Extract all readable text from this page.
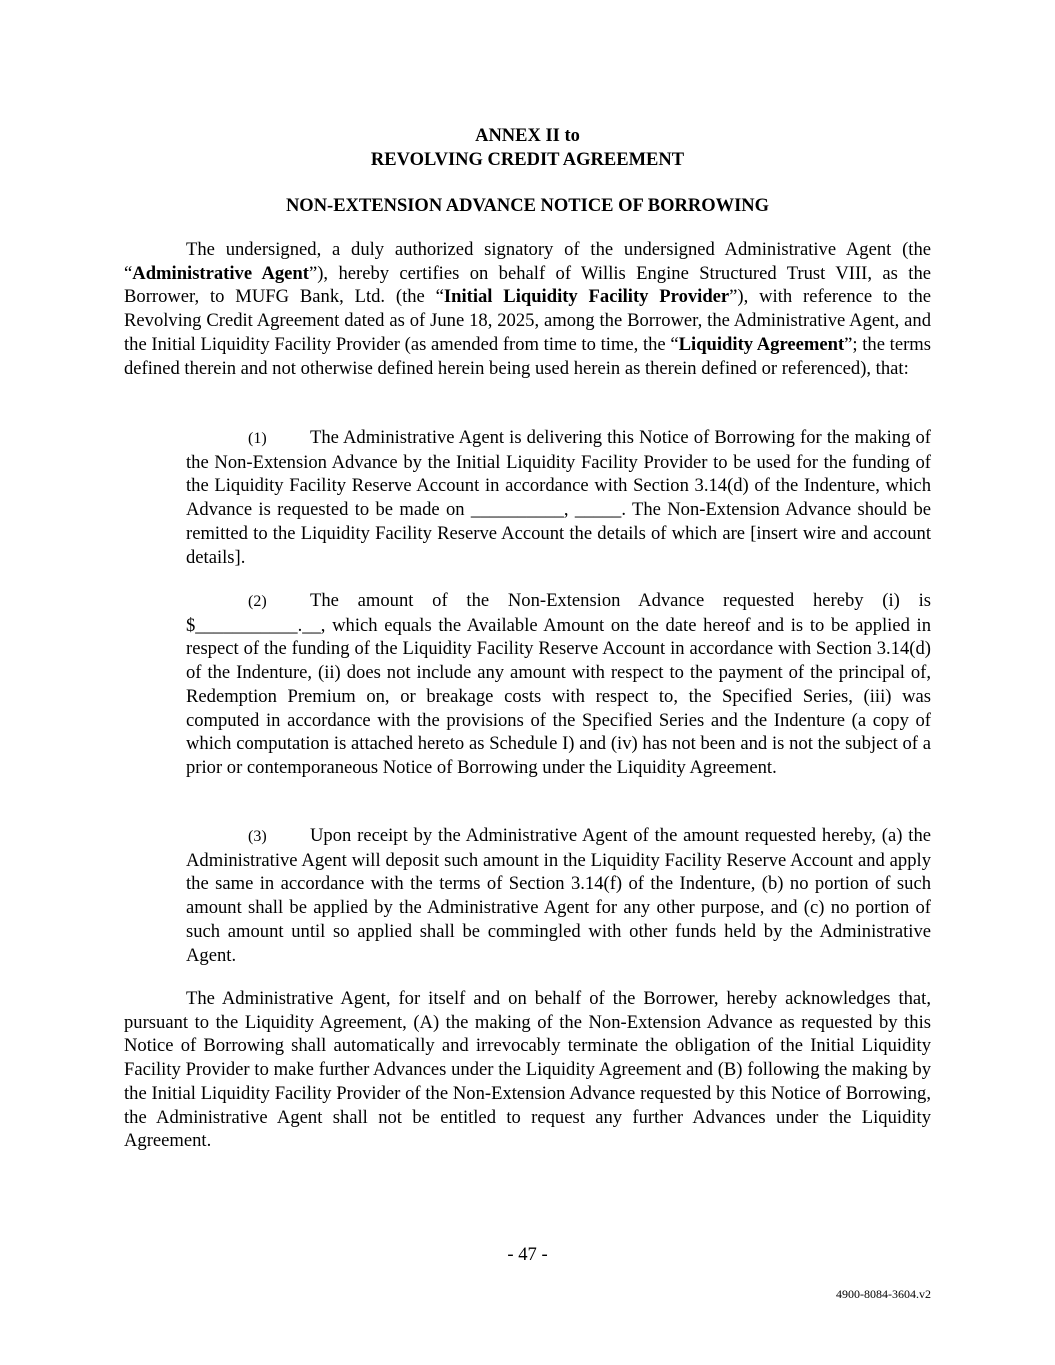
ANNEX II to
REVOLVING CREDIT AGREEMENT
NON-EXTENSION ADVANCE NOTICE OF BORROWING
The undersigned, a duly authorized signatory of the undersigned Administrative Agent (the “Administrative Agent”), hereby certifies on behalf of Willis Engine Structured Trust VIII, as the Borrower, to MUFG Bank, Ltd. (the “Initial Liquidity Facility Provider”), with reference to the Revolving Credit Agreement dated as of June 18, 2025, among the Borrower, the Administrative Agent, and the Initial Liquidity Facility Provider (as amended from time to time, the “Liquidity Agreement”; the terms defined therein and not otherwise defined herein being used herein as therein defined or referenced), that:
(1) The Administrative Agent is delivering this Notice of Borrowing for the making of the Non-Extension Advance by the Initial Liquidity Facility Provider to be used for the funding of the Liquidity Facility Reserve Account in accordance with Section 3.14(d) of the Indenture, which Advance is requested to be made on __________, _____. The Non-Extension Advance should be remitted to the Liquidity Facility Reserve Account the details of which are [insert wire and account details].
(2) The amount of the Non-Extension Advance requested hereby (i) is $___________.__, which equals the Available Amount on the date hereof and is to be applied in respect of the funding of the Liquidity Facility Reserve Account in accordance with Section 3.14(d) of the Indenture, (ii) does not include any amount with respect to the payment of the principal of, Redemption Premium on, or breakage costs with respect to, the Specified Series, (iii) was computed in accordance with the provisions of the Specified Series and the Indenture (a copy of which computation is attached hereto as Schedule I) and (iv) has not been and is not the subject of a prior or contemporaneous Notice of Borrowing under the Liquidity Agreement.
(3) Upon receipt by the Administrative Agent of the amount requested hereby, (a) the Administrative Agent will deposit such amount in the Liquidity Facility Reserve Account and apply the same in accordance with the terms of Section 3.14(f) of the Indenture, (b) no portion of such amount shall be applied by the Administrative Agent for any other purpose, and (c) no portion of such amount until so applied shall be commingled with other funds held by the Administrative Agent.
The Administrative Agent, for itself and on behalf of the Borrower, hereby acknowledges that, pursuant to the Liquidity Agreement, (A) the making of the Non-Extension Advance as requested by this Notice of Borrowing shall automatically and irrevocably terminate the obligation of the Initial Liquidity Facility Provider to make further Advances under the Liquidity Agreement and (B) following the making by the Initial Liquidity Facility Provider of the Non-Extension Advance requested by this Notice of Borrowing, the Administrative Agent shall not be entitled to request any further Advances under the Liquidity Agreement.
- 47 -
4900-8084-3604.v2
